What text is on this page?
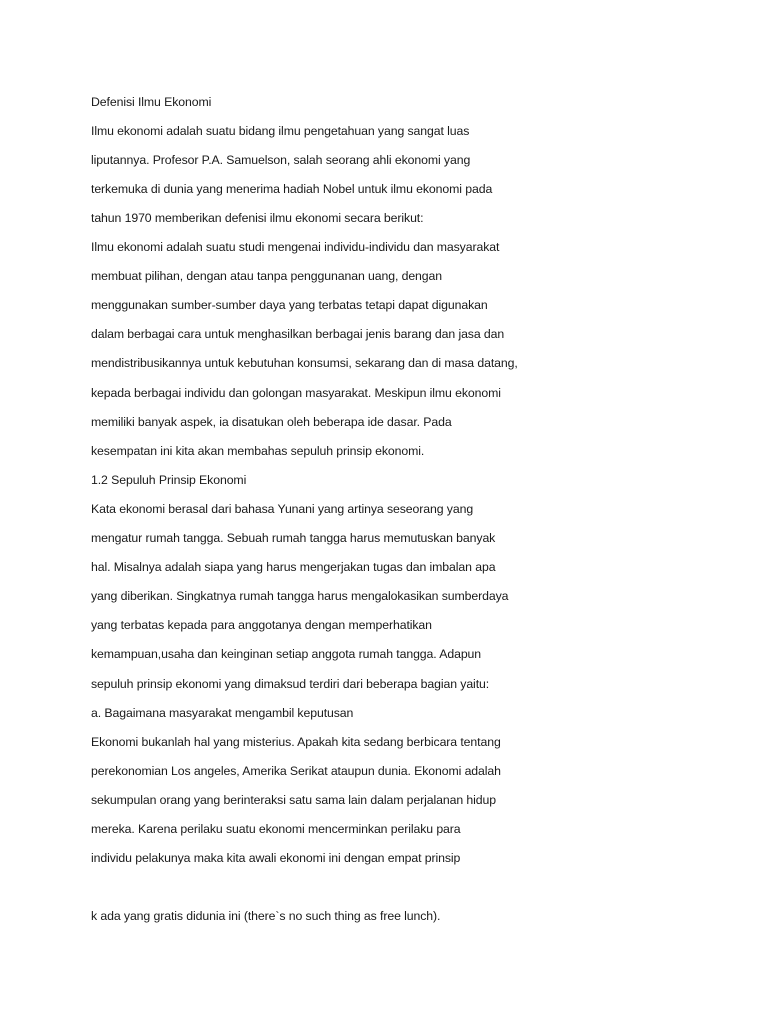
Defenisi Ilmu Ekonomi
Ilmu ekonomi adalah suatu bidang ilmu pengetahuan yang sangat luas
liputannya. Profesor P.A. Samuelson, salah seorang ahli ekonomi yang
terkemuka di dunia yang menerima hadiah Nobel untuk ilmu ekonomi pada
tahun 1970 memberikan defenisi ilmu ekonomi secara berikut:
Ilmu ekonomi adalah suatu studi mengenai individu-individu dan masyarakat
membuat pilihan, dengan atau tanpa penggunanan uang, dengan
menggunakan sumber-sumber daya yang terbatas tetapi dapat digunakan
dalam berbagai cara untuk menghasilkan berbagai jenis barang dan jasa dan
mendistribusikannya untuk kebutuhan konsumsi, sekarang dan di masa datang,
kepada berbagai individu dan golongan masyarakat. Meskipun ilmu ekonomi
memiliki banyak aspek, ia disatukan oleh beberapa ide dasar. Pada
kesempatan ini kita akan membahas sepuluh prinsip ekonomi.
1.2 Sepuluh Prinsip Ekonomi
Kata ekonomi berasal dari bahasa Yunani yang artinya seseorang yang
mengatur rumah tangga. Sebuah rumah tangga harus memutuskan banyak
hal. Misalnya adalah siapa yang harus mengerjakan tugas dan imbalan apa
yang diberikan. Singkatnya rumah tangga harus mengalokasikan sumberdaya
yang terbatas kepada para anggotanya dengan memperhatikan
kemampuan,usaha dan keinginan setiap anggota rumah tangga. Adapun
sepuluh prinsip ekonomi yang dimaksud terdiri dari beberapa bagian yaitu:
a. Bagaimana masyarakat mengambil keputusan
Ekonomi bukanlah hal yang misterius. Apakah kita sedang berbicara tentang
perekonomian Los angeles, Amerika Serikat ataupun dunia. Ekonomi adalah
sekumpulan orang yang berinteraksi satu sama lain dalam perjalanan hidup
mereka. Karena perilaku suatu ekonomi mencerminkan perilaku para
individu pelakunya maka kita awali ekonomi ini dengan empat prinsip
k ada yang gratis didunia ini (there`s no such thing as free lunch).
